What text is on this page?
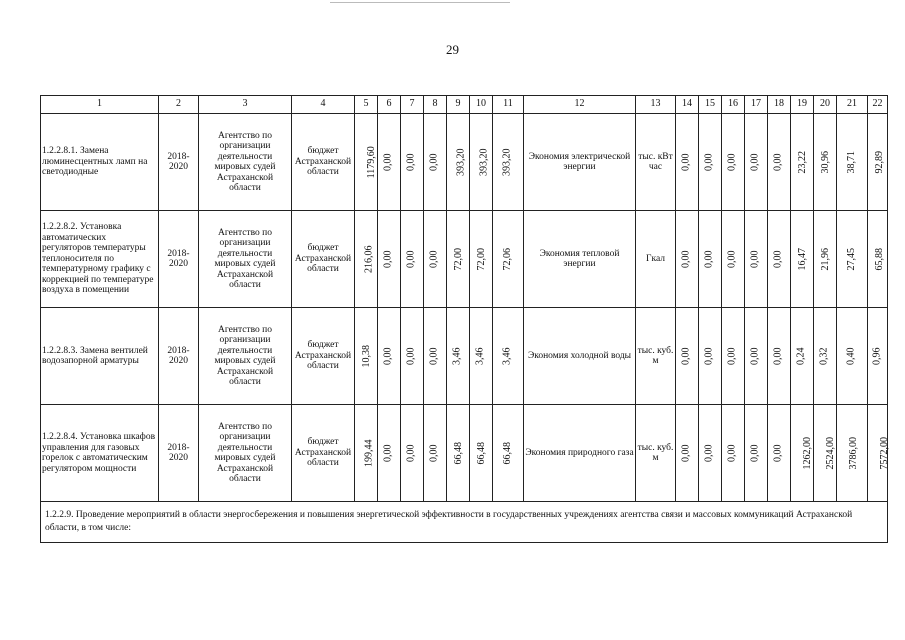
29
1	2	3	4	5	6	7	8	9	10	11	12	13	14	15	16	17	18	19	20	21	22
1.2.2.8.1. Замена люминесцентных ламп на светодиодные	2018-2020	Агентство по организации деятельности мировых судей Астраханской области	бюджет Астраханской области	1179,60	0,00	0,00	0,00	393,20	393,20	393,20	Экономия электрической энергии	тыс. кВт час	0,00	0,00	0,00	0,00	0,00	23,22	30,96	38,71	92,89
1.2.2.8.2. Установка автоматических регуляторов температуры теплоносителя по температурному графику с коррекцией по температуре воздуха в помещении	2018-2020	Агентство по организации деятельности мировых судей Астраханской области	бюджет Астраханской области	216,06	0,00	0,00	0,00	72,00	72,00	72,06	Экономия тепловой энергии	Гкал	0,00	0,00	0,00	0,00	0,00	16,47	21,96	27,45	65,88
1.2.2.8.3. Замена вентилей водозапорной арматуры	2018-2020	Агентство по организации деятельности мировых судей Астраханской области	бюджет Астраханской области	10,38	0,00	0,00	0,00	3,46	3,46	3,46	Экономия холодной воды	тыс. куб. м	0,00	0,00	0,00	0,00	0,00	0,24	0,32	0,40	0,96
1.2.2.8.4. Установка шкафов управления для газовых горелок с автоматическим регулятором мощности	2018-2020	Агентство по организации деятельности мировых судей Астраханской области	бюджет Астраханской области	199,44	0,00	0,00	0,00	66,48	66,48	66,48	Экономия природного газа	тыс. куб. м	0,00	0,00	0,00	0,00	0,00	1262,00	2524,00	3786,00	7572,00
1.2.2.9. Проведение мероприятий в области энергосбережения и повышения энергетической эффективности в государственных учреждениях агентства связи и массовых коммуникаций Астраханской области, в том числе:																					
